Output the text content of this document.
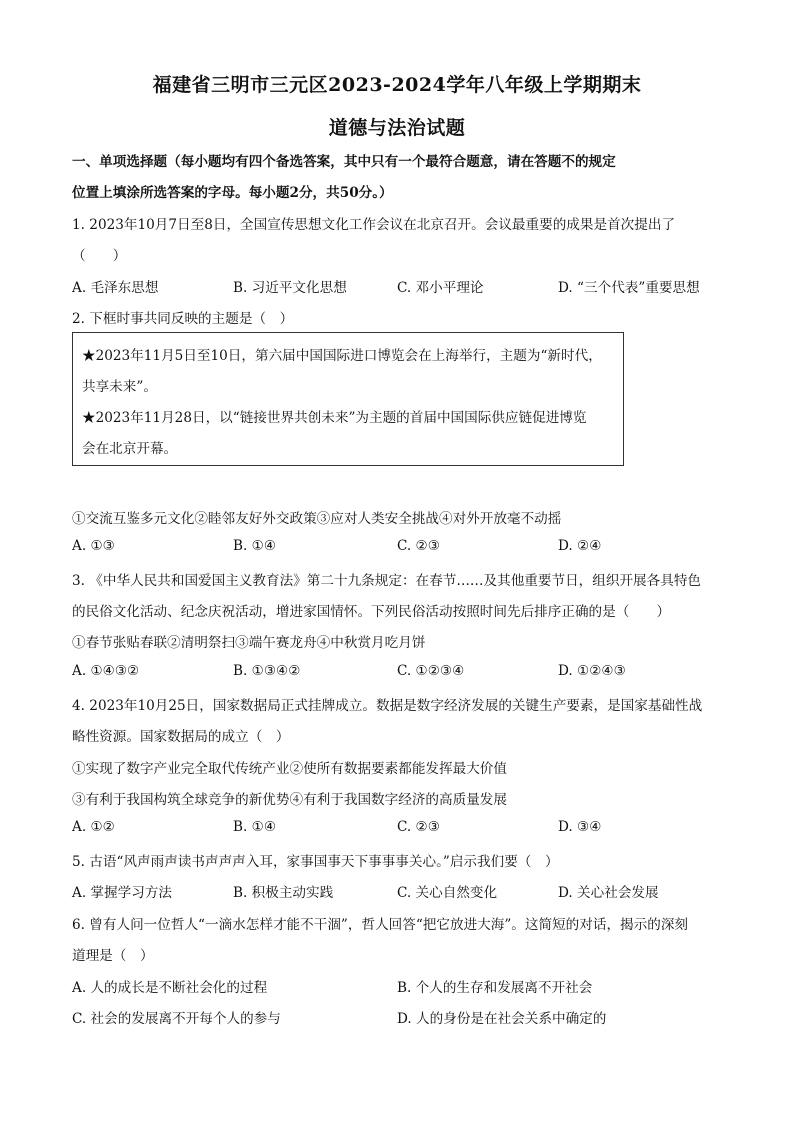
福建省三明市三元区2023-2024学年八年级上学期期末
道德与法治试题
一、单项选择题（每小题均有四个备选答案，其中只有一个最符合题意，请在答题不的规定
位置上填涂所选答案的字母。每小题2分，共50分。）
1. 2023年10月7日至8日，全国宣传思想文化工作会议在北京召开。会议最重要的成果是首次提出了
（　　）
A. 毛泽东思想	B. 习近平文化思想	C. 邓小平理论	D. “三个代表”重要思想
2. 下框时事共同反映的主题是（　）
★2023年11月5日至10日，第六届中国国际进口博览会在上海举行，主题为“新时代，
共享未来”。
★2023年11月28日，以“链接世界共创未来”为主题的首届中国国际供应链促进博览
会在北京开幕。
①交流互鉴多元文化②睦邻友好外交政策③应对人类安全挑战④对外开放毫不动摇
A. ①③	B. ①④	C. ②③	D. ②④
3. 《中华人民共和国爱国主义教育法》第二十九条规定：在春节……及其他重要节日，组织开展各具特色
的民俗文化活动、纪念庆祝活动，增进家国情怀。下列民俗活动按照时间先后排序正确的是（　　）
①春节张贴春联②清明祭扫③端午赛龙舟④中秋赏月吃月饼
A. ①④③②	B. ①③④②	C. ①②③④	D. ①②④③
4. 2023年10月25日，国家数据局正式挂牌成立。数据是数字经济发展的关键生产要素，是国家基础性战
略性资源。国家数据局的成立（　）
①实现了数字产业完全取代传统产业②使所有数据要素都能发挥最大价值
③有利于我国构筑全球竞争的新优势④有利于我国数字经济的高质量发展
A. ①②	B. ①④	C. ②③	D. ③④
5. 古语“风声雨声读书声声声入耳，家事国事天下事事事关心。”启示我们要（　）
A. 掌握学习方法	B. 积极主动实践	C. 关心自然变化	D. 关心社会发展
6. 曾有人问一位哲人“一滴水怎样才能不干涸”，哲人回答“把它放进大海”。这简短的对话，揭示的深刻
道理是（　）
A. 人的成长是不断社会化的过程	B. 个人的生存和发展离不开社会
C. 社会的发展离不开每个人的参与	D. 人的身份是在社会关系中确定的
